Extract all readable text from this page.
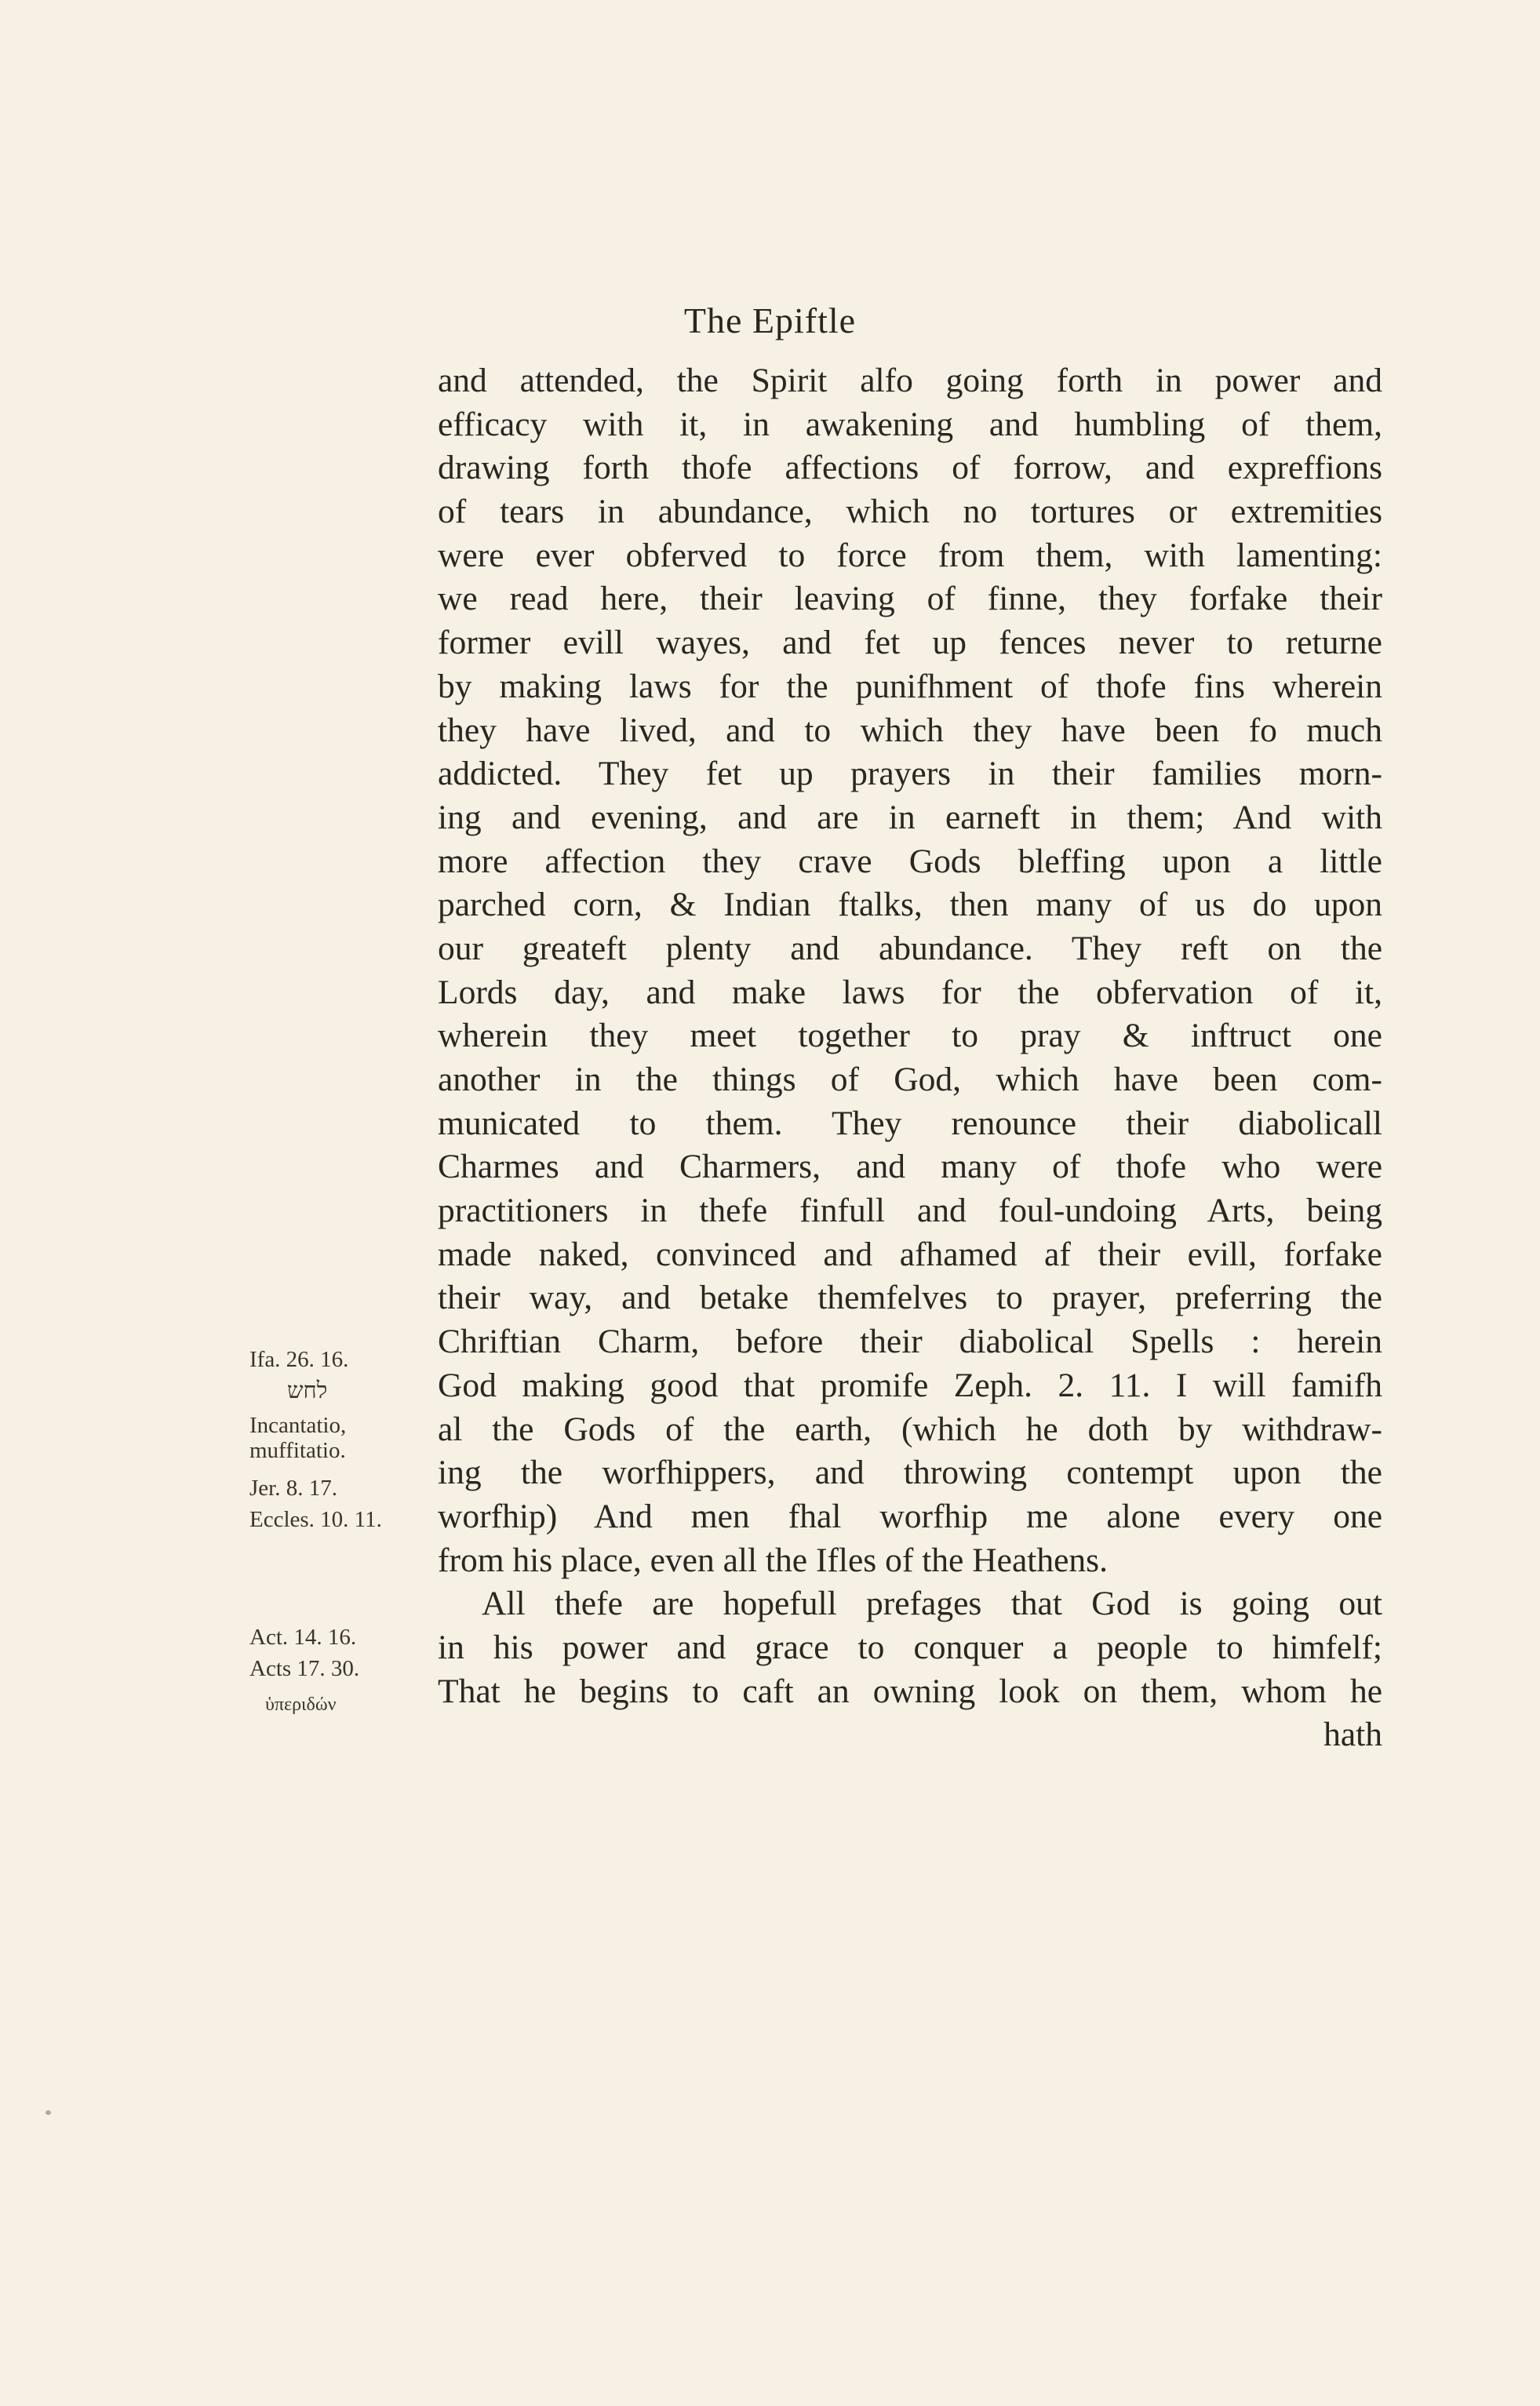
The Epiftle
and attended, the Spirit alfo going forth in power and
efficacy with it, in awakening and humbling of them,
drawing forth thofe affections of forrow, and expreffions
of tears in abundance, which no tortures or extremities
were ever obferved to force from them, with lamenting:
we read here, their leaving of finne, they forfake their
former evill wayes, and fet up fences never to returne
by making laws for the punifhment of thofe fins wherein
they have lived, and to which they have been fo much
addicted. They fet up prayers in their families morn-
ing and evening, and are in earneft in them; And with
more affection they crave Gods bleffing upon a little
parched corn, & Indian ftalks, then many of us do upon
our greateft plenty and abundance. They reft on the
Lords day, and make laws for the obfervation of it,
wherein they meet together to pray & inftruct one
another in the things of God, which have been com-
municated to them. They renounce their diabolicall
Charmes and Charmers, and many of thofe who were
practitioners in thefe finfull and foul-undoing Arts, being
made naked, convinced and afhamed af their evill, forfake
their way, and betake themfelves to prayer, preferring the
Chriftian Charm, before their diabolical Spells : herein
God making good that promife Zeph. 2. 11. I will famifh
al the Gods of the earth, (which he doth by withdraw-
ing the worfhippers, and throwing contempt upon the
worfhip) And men fhal worfhip me alone every one
from his place, even all the Ifles of the Heathens.
All thefe are hopefull prefages that God is going out
in his power and grace to conquer a people to himfelf;
That he begins to caft an owning look on them, whom he
hath
Ifa. 26. 16.
לחש
Incantatio,
muffitatio.
Jer. 8. 17.
Eccles. 10. 11.
Act. 14. 16.
Acts 17. 30.
ὑπεριδών
